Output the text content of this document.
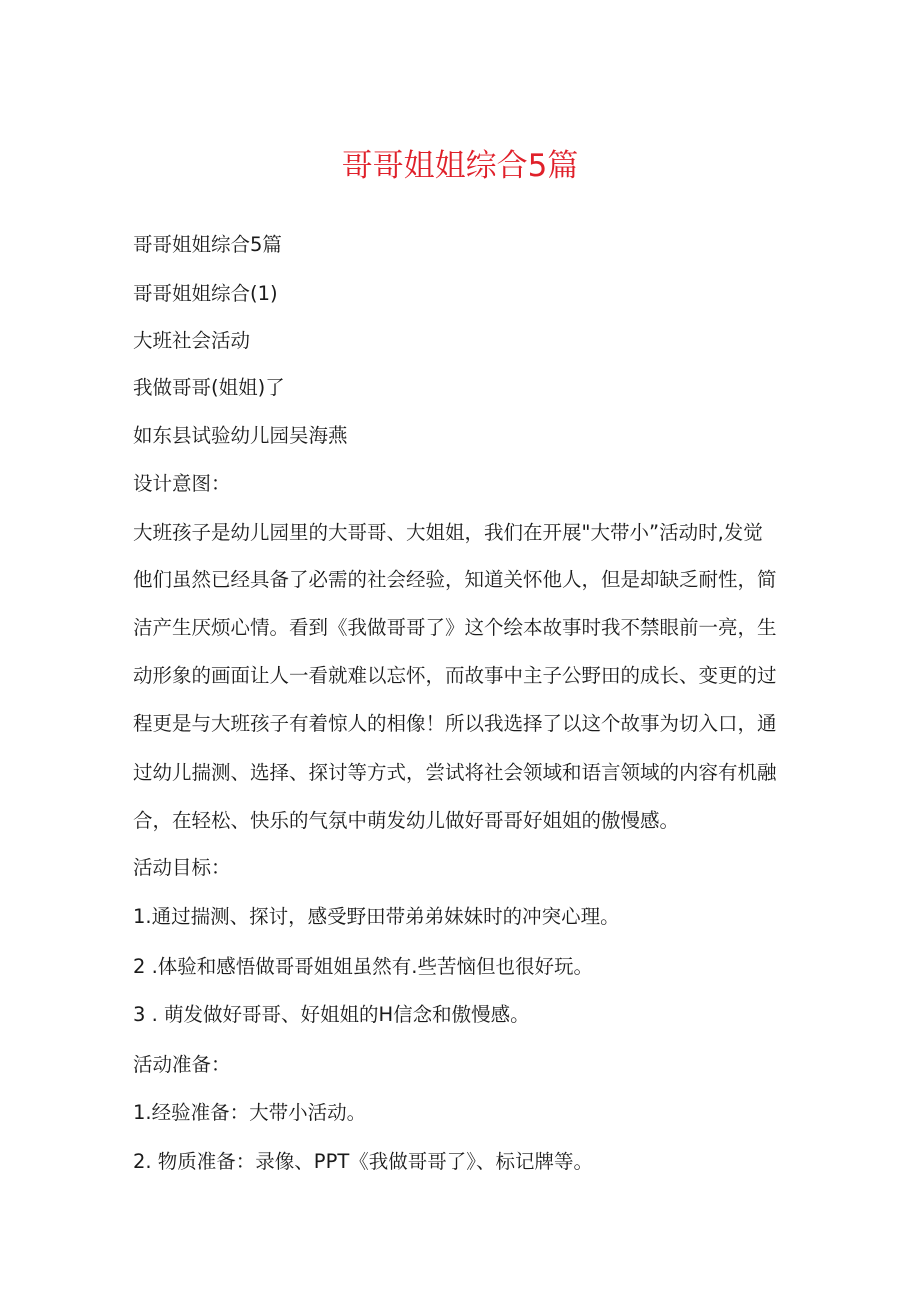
哥哥姐姐综合5篇
哥哥姐姐综合5篇
哥哥姐姐综合(1)
大班社会活动
我做哥哥(姐姐)了
如东县试验幼儿园吴海燕
设计意图：
大班孩子是幼儿园里的大哥哥、大姐姐，我们在开展"大带小”活动时,发觉
他们虽然已经具备了必需的社会经验，知道关怀他人，但是却缺乏耐性，简
洁产生厌烦心情。看到《我做哥哥了》这个绘本故事时我不禁眼前一亮，生
动形象的画面让人一看就难以忘怀，而故事中主子公野田的成长、变更的过
程更是与大班孩子有着惊人的相像！所以我选择了以这个故事为切入口，通
过幼儿揣测、选择、探讨等方式，尝试将社会领域和语言领域的内容有机融
合，在轻松、快乐的气氛中萌发幼儿做好哥哥好姐姐的傲慢感。
活动目标：
1.通过揣测、探讨，感受野田带弟弟妹妹时的冲突心理。
2 .体验和感悟做哥哥姐姐虽然有.些苦恼但也很好玩。
3 . 萌发做好哥哥、好姐姐的H信念和傲慢感。
活动准备：
1.经验准备：大带小活动。
2. 物质准备：录像、PPT《我做哥哥了》、标记牌等。
